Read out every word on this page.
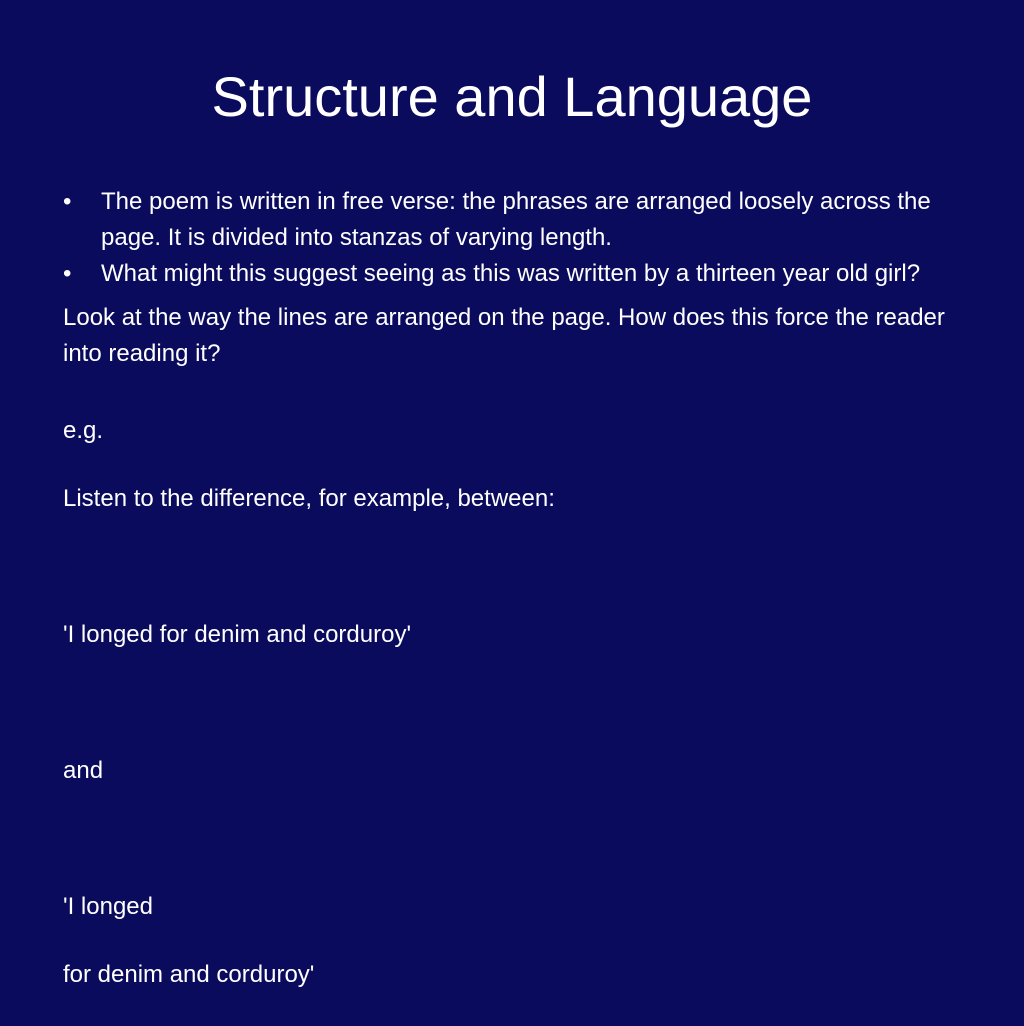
Structure and Language
• The poem is written in free verse: the phrases are arranged loosely across the page. It is divided into stanzas of varying length.
• What might this suggest seeing as this was written by a thirteen year old girl?

Look at the way the lines are arranged on the page. How does this force the reader into reading it?

e.g.

Listen to the difference, for example, between:

'I longed for denim and corduroy'

and

'I longed

for denim and corduroy'
